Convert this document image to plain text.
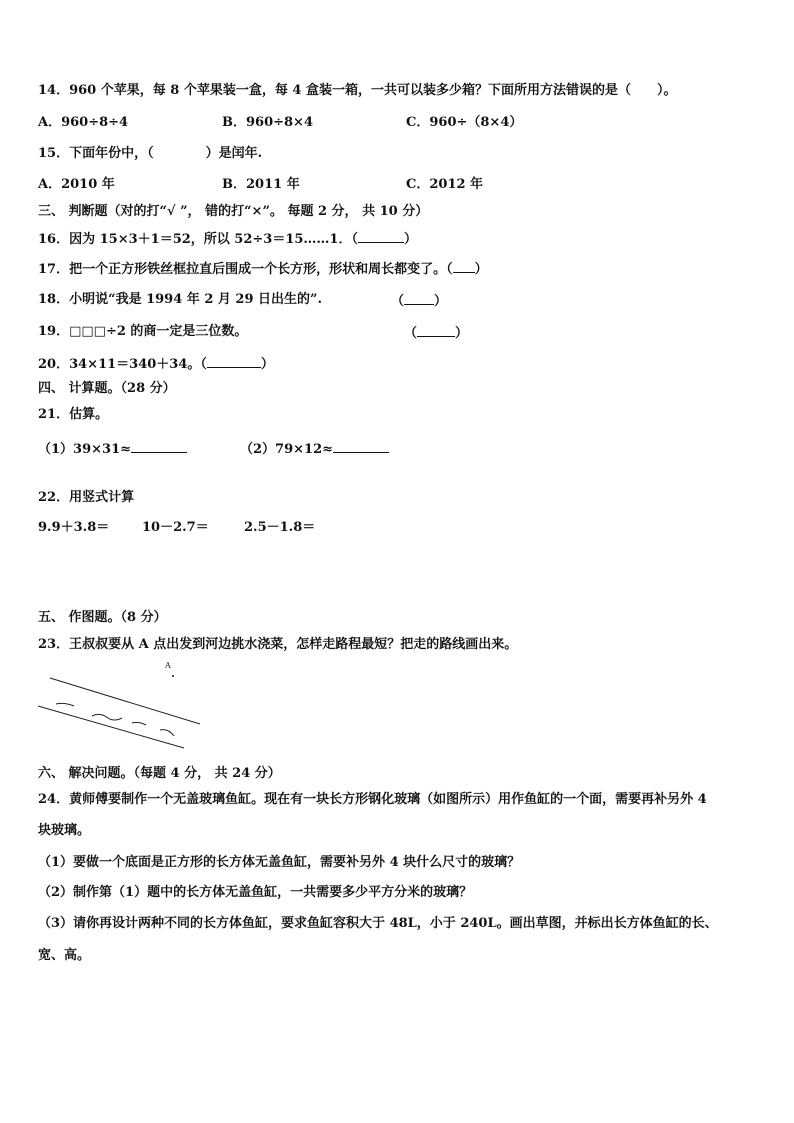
14．960 个苹果，每 8 个苹果装一盒，每 4 盒装一箱，一共可以装多少箱？下面所用方法错误的是（　　）。
A．960÷8÷4	B．960÷8×4	C．960÷（8×4）
15．下面年份中，（	）是闰年.
A．2010 年	B．2011 年	C．2012 年
三、 判断题（对的打“√ ”， 错的打“×”。 每题 2 分， 共 10 分）
16．因为 15×3＋1＝52，所以 52÷3＝15……1．（	）
17．把一个正方形铁丝框拉直后围成一个长方形，形状和周长都变了。（ ）
18．小明说“我是 1994 年 2 月 29 日出生的”.	（ ）
19．□□□÷2 的商一定是三位数。	（	）
20．34×11＝340＋34。（	）
四、 计算题。（28 分）
21．估算。
（1）39×31≈	（2）79×12≈
22．用竖式计算
9.9＋3.8＝	10－2.7＝	2.5－1.8＝
五、 作图题。（8 分）
23．王叔叔要从 A 点出发到河边挑水浇菜，怎样走路程最短？把走的路线画出来。
A
六、 解决问题。（每题 4 分， 共 24 分）
24．黄师傅要制作一个无盖玻璃鱼缸。现在有一块长方形钢化玻璃（如图所示）用作鱼缸的一个面，需要再补另外 4
块玻璃。
（1）要做一个底面是正方形的长方体无盖鱼缸，需要补另外 4 块什么尺寸的玻璃？
（2）制作第（1）题中的长方体无盖鱼缸，一共需要多少平方分米的玻璃？
（3）请你再设计两种不同的长方体鱼缸，要求鱼缸容积大于 48L，小于 240L。画出草图，并标出长方体鱼缸的长、
宽、高。
